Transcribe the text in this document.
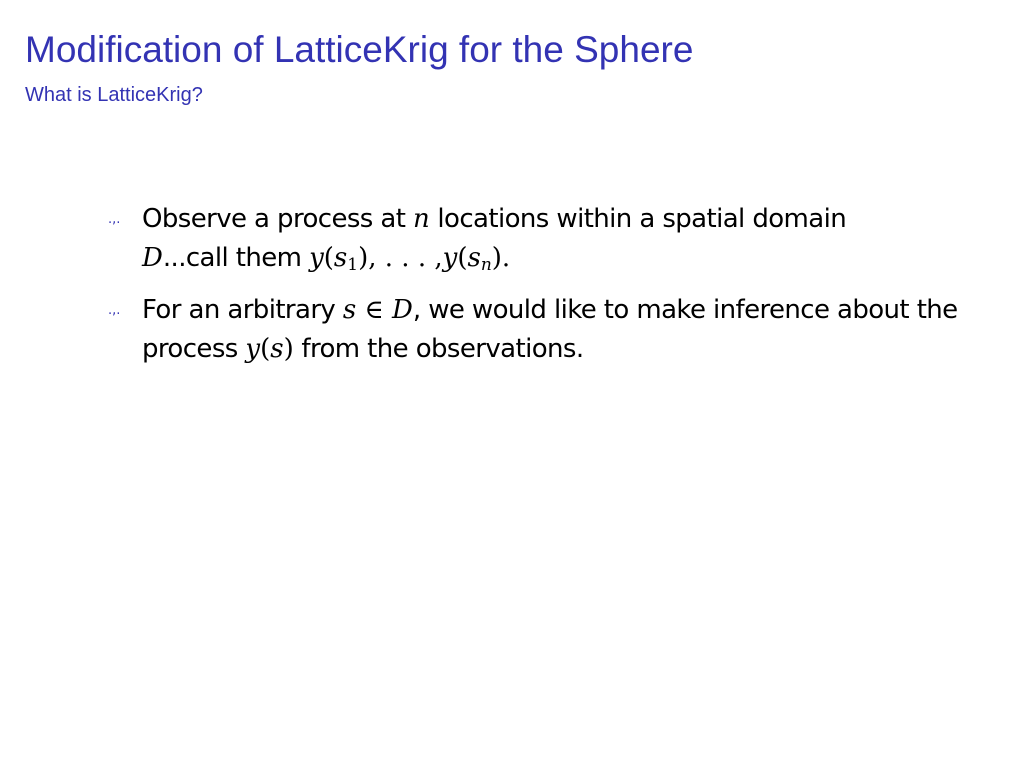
Modification of LatticeKrig for the Sphere
What is LatticeKrig?
.,. Observe a process at n locations within a spatial domain
D...call them y(s1), . . . ,y(sn).
.,. For an arbitrary s ∈ D, we would like to make inference about the process y(s) from the observations.
